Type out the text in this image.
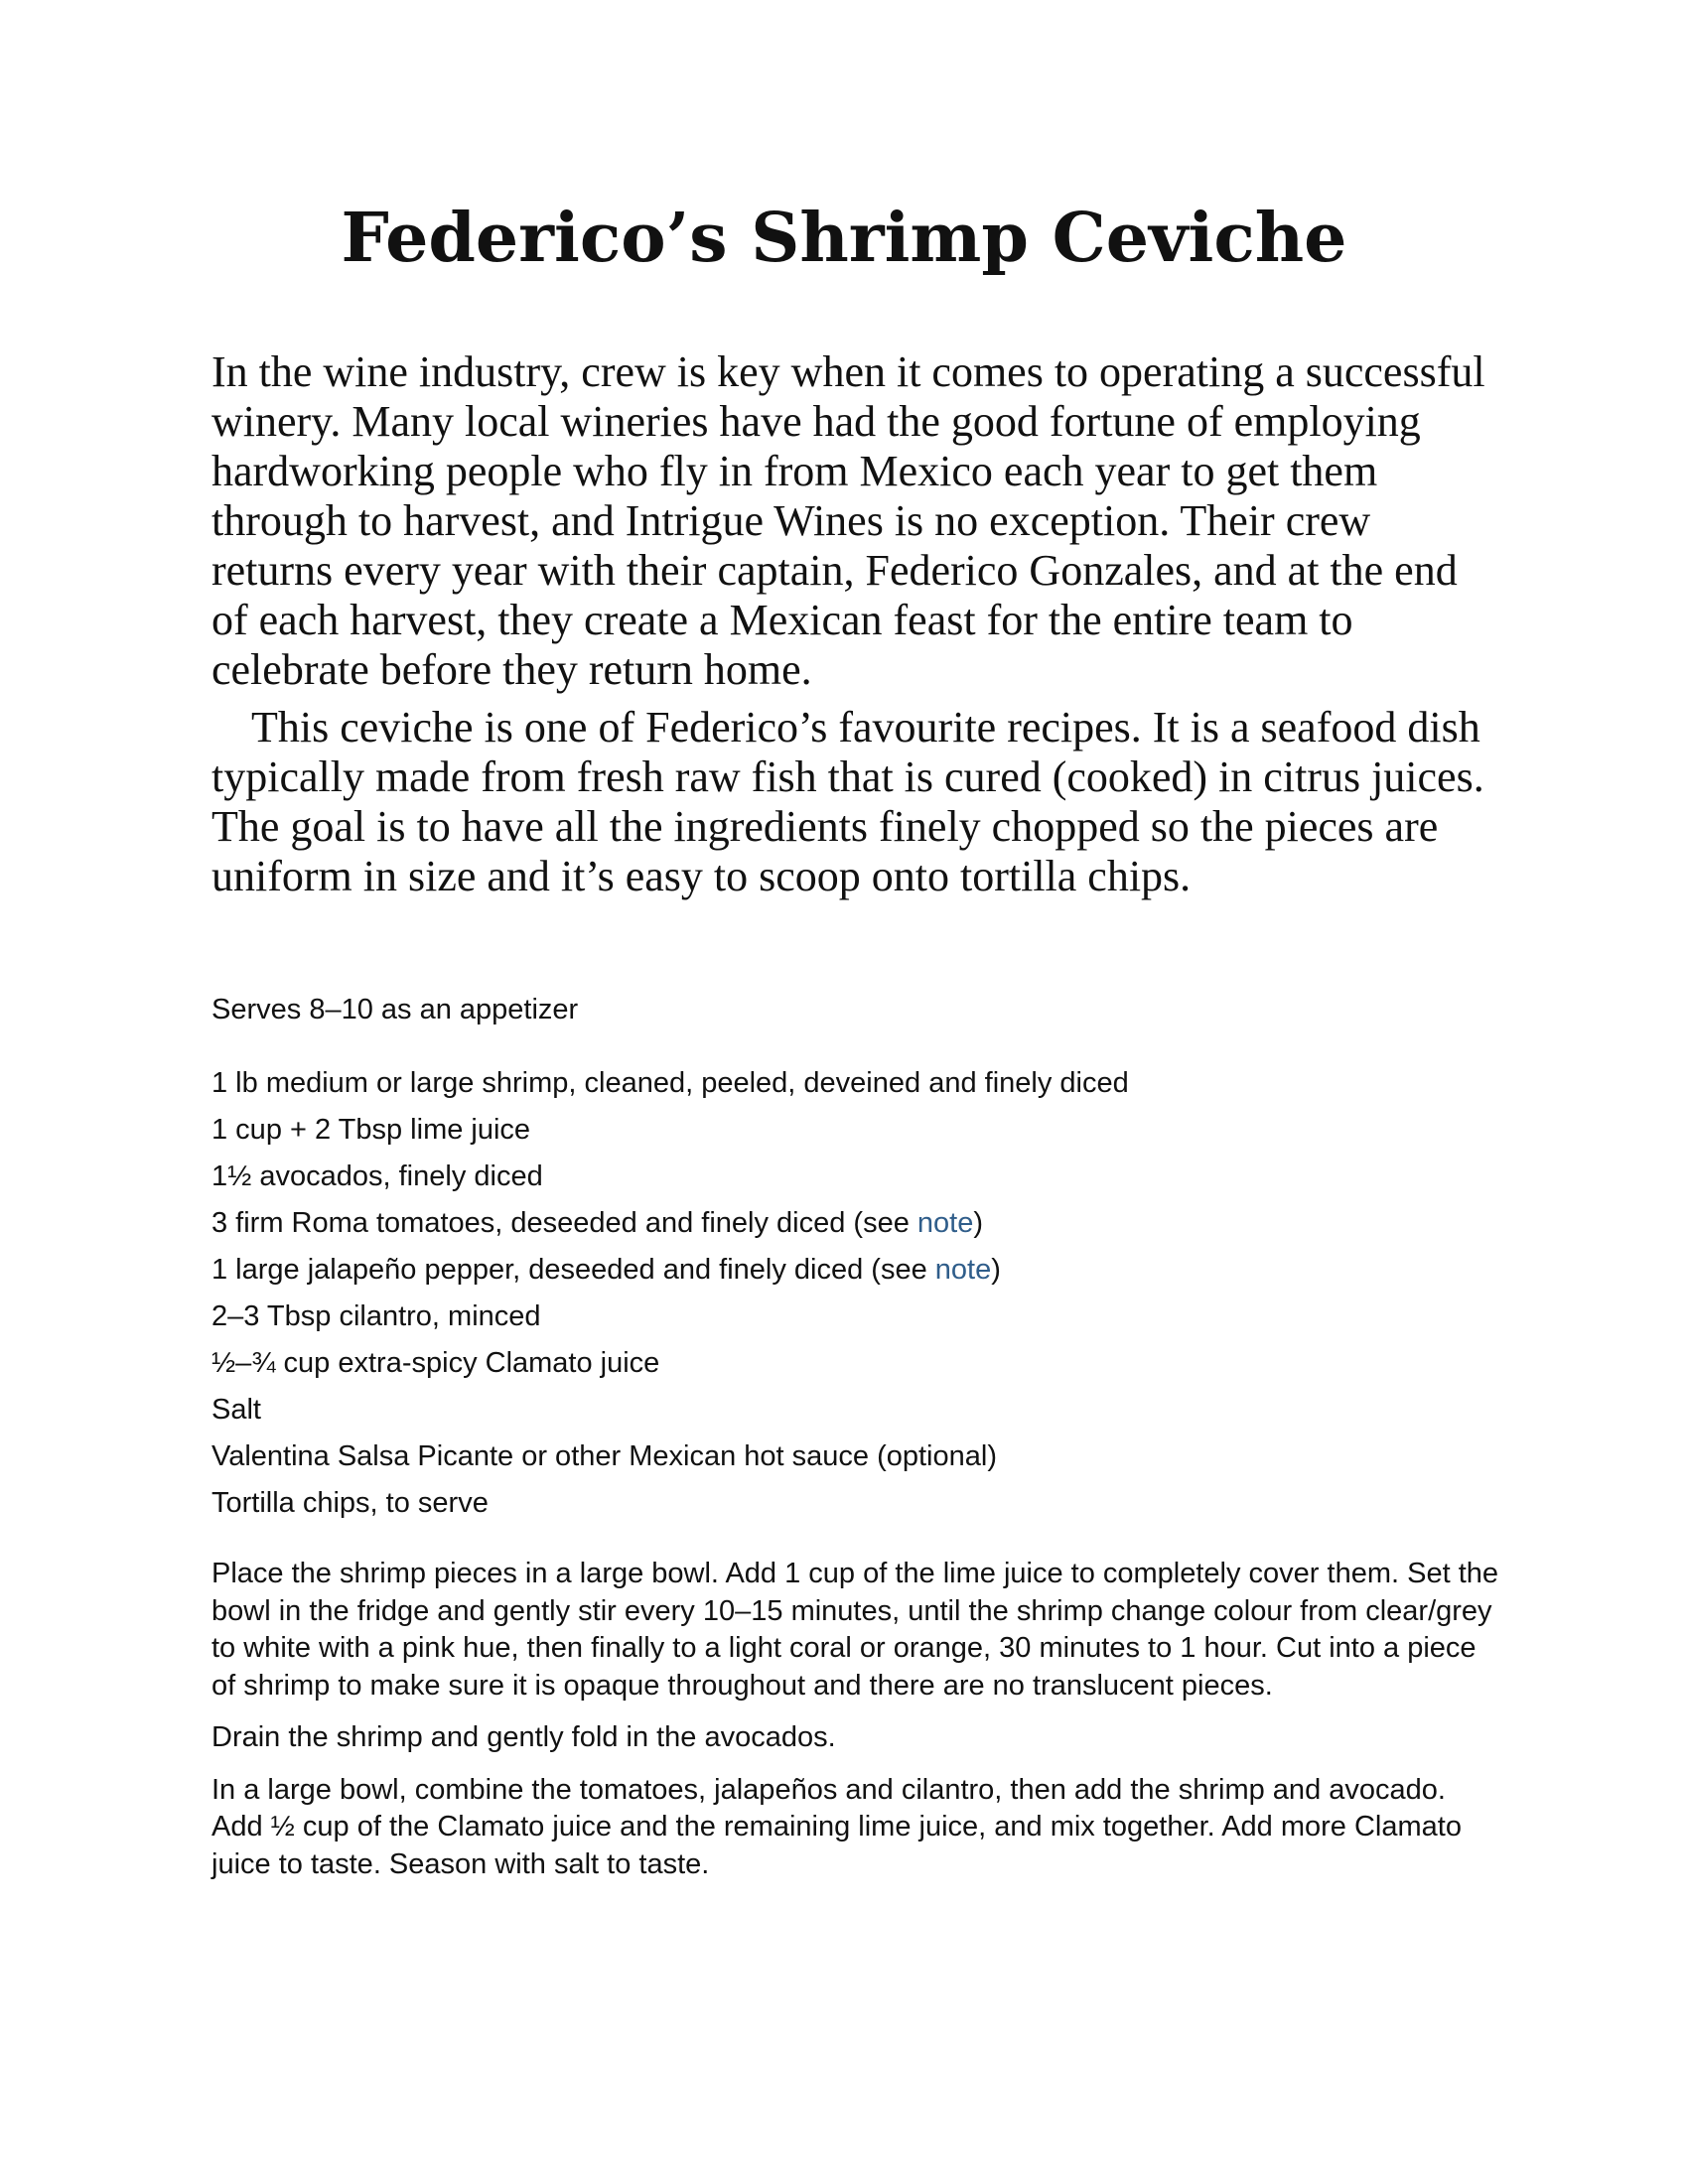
Federico’s Shrimp Ceviche

In the wine industry, crew is key when it comes to operating a successful winery. Many local wineries have had the good fortune of employing hardworking people who fly in from Mexico each year to get them through to harvest, and Intrigue Wines is no exception. Their crew returns every year with their captain, Federico Gonzales, and at the end of each harvest, they create a Mexican feast for the entire team to celebrate before they return home.

This ceviche is one of Federico’s favourite recipes. It is a seafood dish typically made from fresh raw fish that is cured (cooked) in citrus juices. The goal is to have all the ingredients finely chopped so the pieces are uniform in size and it’s easy to scoop onto tortilla chips.

Serves 8–10 as an appetizer

1 lb medium or large shrimp, cleaned, peeled, deveined and finely diced
1 cup + 2 Tbsp lime juice
1½ avocados, finely diced
3 firm Roma tomatoes, deseeded and finely diced (see note)
1 large jalapeño pepper, deseeded and finely diced (see note)
2–3 Tbsp cilantro, minced
½–¾ cup extra-spicy Clamato juice
Salt
Valentina Salsa Picante or other Mexican hot sauce (optional)
Tortilla chips, to serve

Place the shrimp pieces in a large bowl. Add 1 cup of the lime juice to completely cover them. Set the bowl in the fridge and gently stir every 10–15 minutes, until the shrimp change colour from clear/grey to white with a pink hue, then finally to a light coral or orange, 30 minutes to 1 hour. Cut into a piece of shrimp to make sure it is opaque throughout and there are no translucent pieces.

Drain the shrimp and gently fold in the avocados.

In a large bowl, combine the tomatoes, jalapeños and cilantro, then add the shrimp and avocado. Add ½ cup of the Clamato juice and the remaining lime juice, and mix together. Add more Clamato juice to taste. Season with salt to taste.
